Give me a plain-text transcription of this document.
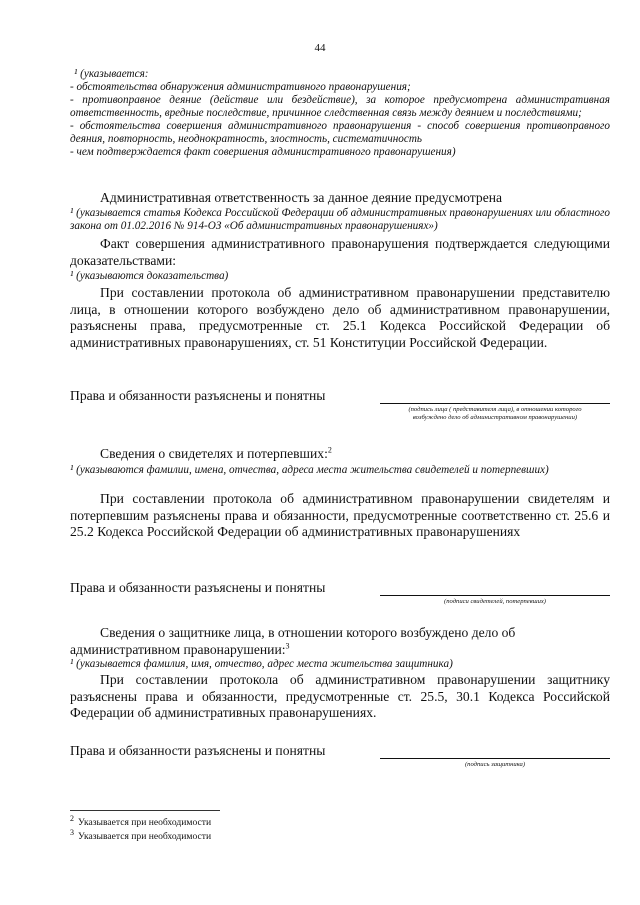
44
¹ (указывается:
- обстоятельства обнаружения административного правонарушения;
- противоправное деяние (действие или бездействие), за которое предусмотрена административная ответственность, вредные последствие, причинное следственная связь между деянием и последствиями;
- обстоятельства совершения административного правонарушения - способ совершения противоправного деяния, повторность, неоднократность, злостность, систематичность
- чем подтверждается факт совершения административного правонарушения)
Административная ответственность за данное деяние предусмотрена
¹ (указывается статья Кодекса Российской Федерации об административных правонарушениях или областного закона от 01.02.2016 № 914-ОЗ «Об административных правонарушениях»)
Факт совершения административного правонарушения подтверждается следующими доказательствами:
¹ (указываются доказательства)
При составлении протокола об административном правонарушении представителю лица, в отношении которого возбуждено дело об административном правонарушении, разъяснены права, предусмотренные ст. 25.1 Кодекса Российской Федерации об административных правонарушениях, ст. 51 Конституции Российской Федерации.
Права и обязанности разъяснены и понятны
(подпись лица ( представителя лица), в отношении которого
возбуждено дело об административном правонарушении)
Сведения о свидетелях и потерпевших:$^2$
¹ (указываются фамилии, имена, отчества, адреса места жительства свидетелей и потерпевших)
При составлении протокола об административном правонарушении свидетелям и потерпевшим разъяснены права и обязанности, предусмотренные соответственно ст. 25.6 и 25.2 Кодекса Российской Федерации об административных правонарушениях
Права и обязанности разъяснены и понятны
(подписи свидетелей, потерпевших)
Сведения о защитнике лица, в отношении которого возбуждено дело об административном правонарушении:$^3$
¹ (указывается фамилия, имя, отчество, адрес места жительства защитника)
При составлении протокола об административном правонарушении защитнику разъяснены права и обязанности, предусмотренные ст. 25.5, 30.1 Кодекса Российской Федерации об административных правонарушениях.
Права и обязанности разъяснены и понятны
(подпись защитника)
$^2$ Указывается при необходимости
$^3$ Указывается при необходимости
